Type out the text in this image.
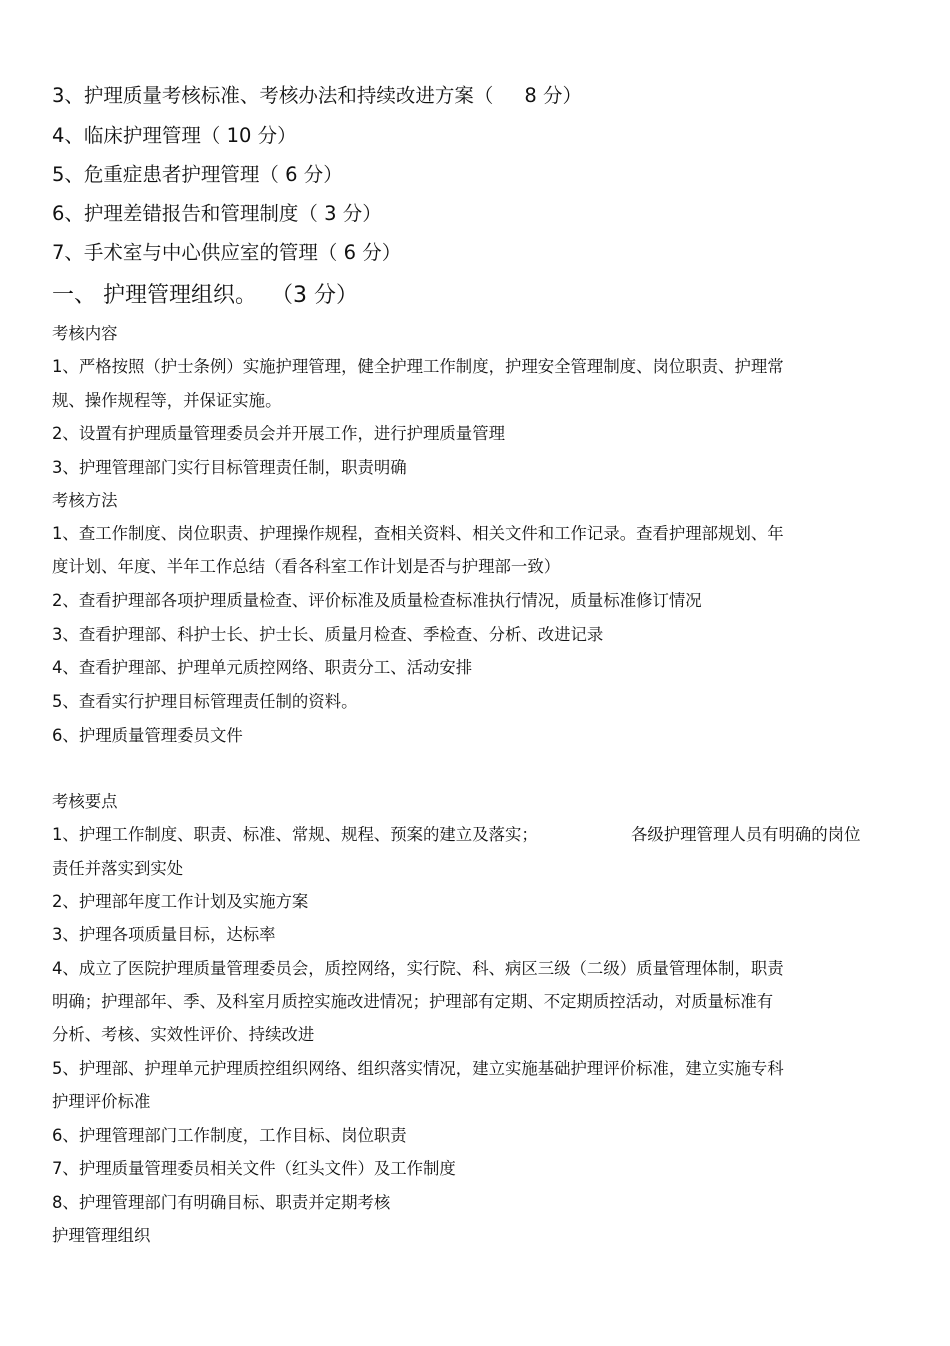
3、护理质量考核标准、考核办法和持续改进方案（     8 分）
4、临床护理管理（ 10 分）
5、危重症患者护理管理（ 6 分）
6、护理差错报告和管理制度（ 3 分）
7、手术室与中心供应室的管理（ 6 分）
一、 护理管理组织。  （3 分）
考核内容
1、严格按照（护士条例）实施护理管理，健全护理工作制度，护理安全管理制度、岗位职责、护理常
规、操作规程等，并保证实施。
2、设置有护理质量管理委员会并开展工作，进行护理质量管理
3、护理管理部门实行目标管理责任制，职责明确
考核方法
1、查工作制度、岗位职责、护理操作规程，查相关资料、相关文件和工作记录。查看护理部规划、年
度计划、年度、半年工作总结（看各科室工作计划是否与护理部一致）
2、查看护理部各项护理质量检查、评价标准及质量检查标准执行情况，质量标准修订情况
3、查看护理部、科护士长、护士长、质量月检查、季检查、分析、改进记录
4、查看护理部、护理单元质控网络、职责分工、活动安排
5、查看实行护理目标管理责任制的资料。
6、护理质量管理委员文件
考核要点
1、护理工作制度、职责、标准、常规、规程、预案的建立及落实；	各级护理管理人员有明确的岗位
责任并落实到实处
2、护理部年度工作计划及实施方案
3、护理各项质量目标，达标率
4、成立了医院护理质量管理委员会，质控网络，实行院、科、病区三级（二级）质量管理体制，职责
明确；护理部年、季、及科室月质控实施改进情况；护理部有定期、不定期质控活动，对质量标准有
分析、考核、实效性评价、持续改进
5、护理部、护理单元护理质控组织网络、组织落实情况，建立实施基础护理评价标准，建立实施专科
护理评价标准
6、护理管理部门工作制度，工作目标、岗位职责
7、护理质量管理委员相关文件（红头文件）及工作制度
8、护理管理部门有明确目标、职责并定期考核
护理管理组织
